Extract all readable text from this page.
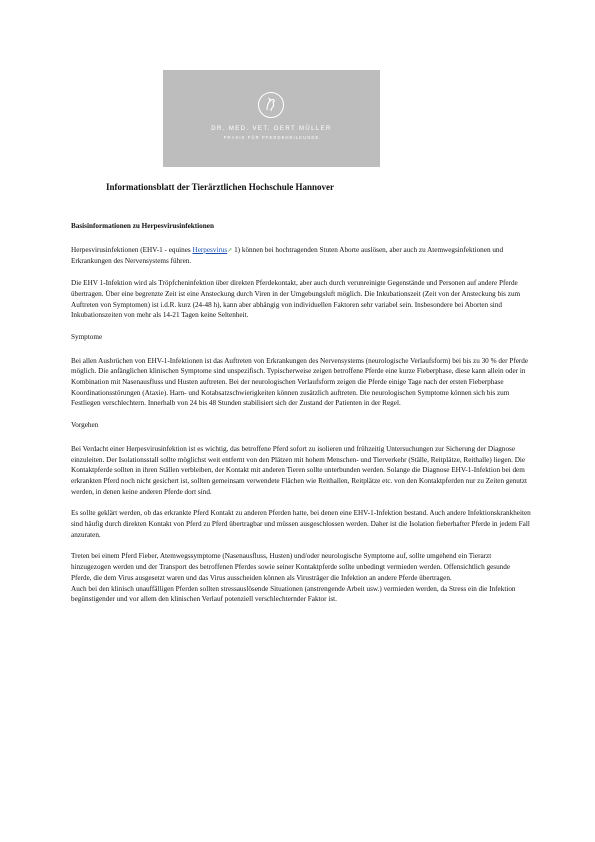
DR. MED. VET. GERT MÜLLER
PRAXIS FÜR PFERDEHEILKUNDE
Informationsblatt der Tierärztlichen Hochschule Hannover

Basisinformationen zu Herpesvirusinfektionen

Herpesvirusinfektionen (EHV-1 - equines Herpesvirus↗ 1) können bei hochtragenden Stuten Aborte auslösen, aber auch zu Atemwegsinfektionen und Erkrankungen des Nervensystems führen.

Die EHV 1-Infektion wird als Tröpfcheninfektion über direkten Pferdekontakt, aber auch durch verunreinigte Gegenstände und Personen auf andere Pferde übertragen. Über eine begrenzte Zeit ist eine Ansteckung durch Viren in der Umgebungsluft möglich. Die Inkubationszeit (Zeit von der Ansteckung bis zum Auftreten von Symptomen) ist i.d.R. kurz (24-48 h), kann aber abhängig von individuellen Faktoren sehr variabel sein. Insbesondere bei Aborten sind Inkubationszeiten von mehr als 14-21 Tagen keine Seltenheit.

Symptome

Bei allen Ausbrüchen von EHV-1-Infektionen ist das Auftreten von Erkrankungen des Nervensystems (neurologische Verlaufsform) bei bis zu 30 % der Pferde möglich. Die anfänglichen klinischen Symptome sind unspezifisch. Typischerweise zeigen betroffene Pferde eine kurze Fieberphase, diese kann allein oder in Kombination mit Nasenausfluss und Husten auftreten. Bei der neurologischen Verlaufsform zeigen die Pferde einige Tage nach der ersten Fieberphase Koordinationsstörungen (Ataxie). Harn- und Kotabsatzschwierigkeiten können zusätzlich auftreten. Die neurologischen Symptome können sich bis zum Festliegen verschlechtern. Innerhalb von 24 bis 48 Stunden stabilisiert sich der Zustand der Patienten in der Regel.

Vorgehen

Bei Verdacht einer Herpesvirusinfektion ist es wichtig, das betroffene Pferd sofort zu isolieren und frühzeitig Untersuchungen zur Sicherung der Diagnose einzuleiten. Der Isolationsstall sollte möglichst weit entfernt von den Plätzen mit hohem Menschen- und Tierverkehr (Ställe, Reitplätze, Reithalle) liegen. Die Kontaktpferde sollten in ihren Ställen verbleiben, der Kontakt mit anderen Tieren sollte unterbunden werden. Solange die Diagnose EHV-1-Infektion bei dem erkrankten Pferd noch nicht gesichert ist, sollten gemeinsam verwendete Flächen wie Reithallen, Reitplätze etc. von den Kontaktpferden nur zu Zeiten genutzt werden, in denen keine anderen Pferde dort sind.

Es sollte geklärt werden, ob das erkrankte Pferd Kontakt zu anderen Pferden hatte, bei denen eine EHV-1-Infektion bestand. Auch andere Infektionskrankheiten sind häufig durch direkten Kontakt von Pferd zu Pferd übertragbar und müssen ausgeschlossen werden. Daher ist die Isolation fieberhafter Pferde in jedem Fall anzuraten.

Treten bei einem Pferd Fieber, Atemwegssymptome (Nasenausfluss, Husten) und/oder neurologische Symptome auf, sollte umgehend ein Tierarzt hinzugezogen werden und der Transport des betroffenen Pferdes sowie seiner Kontaktpferde sollte unbedingt vermieden werden. Offensichtlich gesunde Pferde, die dem Virus ausgesetzt waren und das Virus ausscheiden können als Virusträger die Infektion an andere Pferde übertragen.

Auch bei den klinisch unauffälligen Pferden sollten stressauslösende Situationen (anstrengende Arbeit usw.) vermieden werden, da Stress ein die Infektion begünstigender und vor allem den klinischen Verlauf potenziell verschlechternder Faktor ist.
